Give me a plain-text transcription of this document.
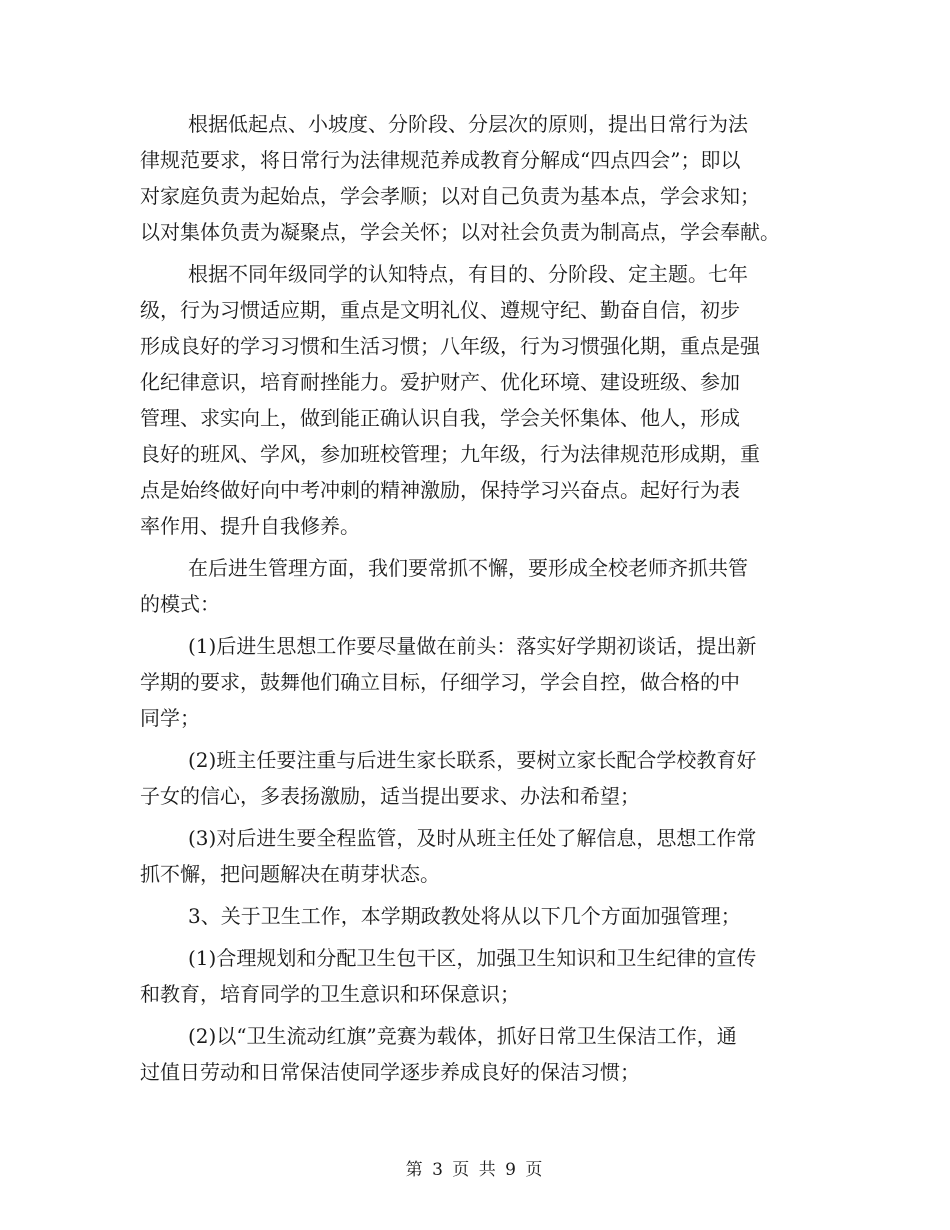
根据低起点、小坡度、分阶段、分层次的原则，提出日常行为法
律规范要求，将日常行为法律规范养成教育分解成“四点四会”；即以
对家庭负责为起始点，学会孝顺；以对自己负责为基本点，学会求知；
以对集体负责为凝聚点，学会关怀；以对社会负责为制高点，学会奉献。
根据不同年级同学的认知特点，有目的、分阶段、定主题。七年
级，行为习惯适应期，重点是文明礼仪、遵规守纪、勤奋自信，初步
形成良好的学习习惯和生活习惯；八年级，行为习惯强化期，重点是强
化纪律意识，培育耐挫能力。爱护财产、优化环境、建设班级、参加
管理、求实向上，做到能正确认识自我，学会关怀集体、他人，形成
良好的班风、学风，参加班校管理；九年级，行为法律规范形成期，重
点是始终做好向中考冲刺的精神激励，保持学习兴奋点。起好行为表
率作用、提升自我修养。
在后进生管理方面，我们要常抓不懈，要形成全校老师齐抓共管
的模式：
(1)后进生思想工作要尽量做在前头：落实好学期初谈话，提出新
学期的要求，鼓舞他们确立目标，仔细学习，学会自控，做合格的中
同学；
(2)班主任要注重与后进生家长联系，要树立家长配合学校教育好
子女的信心，多表扬激励，适当提出要求、办法和希望；
(3)对后进生要全程监管，及时从班主任处了解信息，思想工作常
抓不懈，把问题解决在萌芽状态。
3、关于卫生工作，本学期政教处将从以下几个方面加强管理；
(1)合理规划和分配卫生包干区，加强卫生知识和卫生纪律的宣传
和教育，培育同学的卫生意识和环保意识；
(2)以“卫生流动红旗”竞赛为载体，抓好日常卫生保洁工作，通
过值日劳动和日常保洁使同学逐步养成良好的保洁习惯；
第 3 页 共 9 页
